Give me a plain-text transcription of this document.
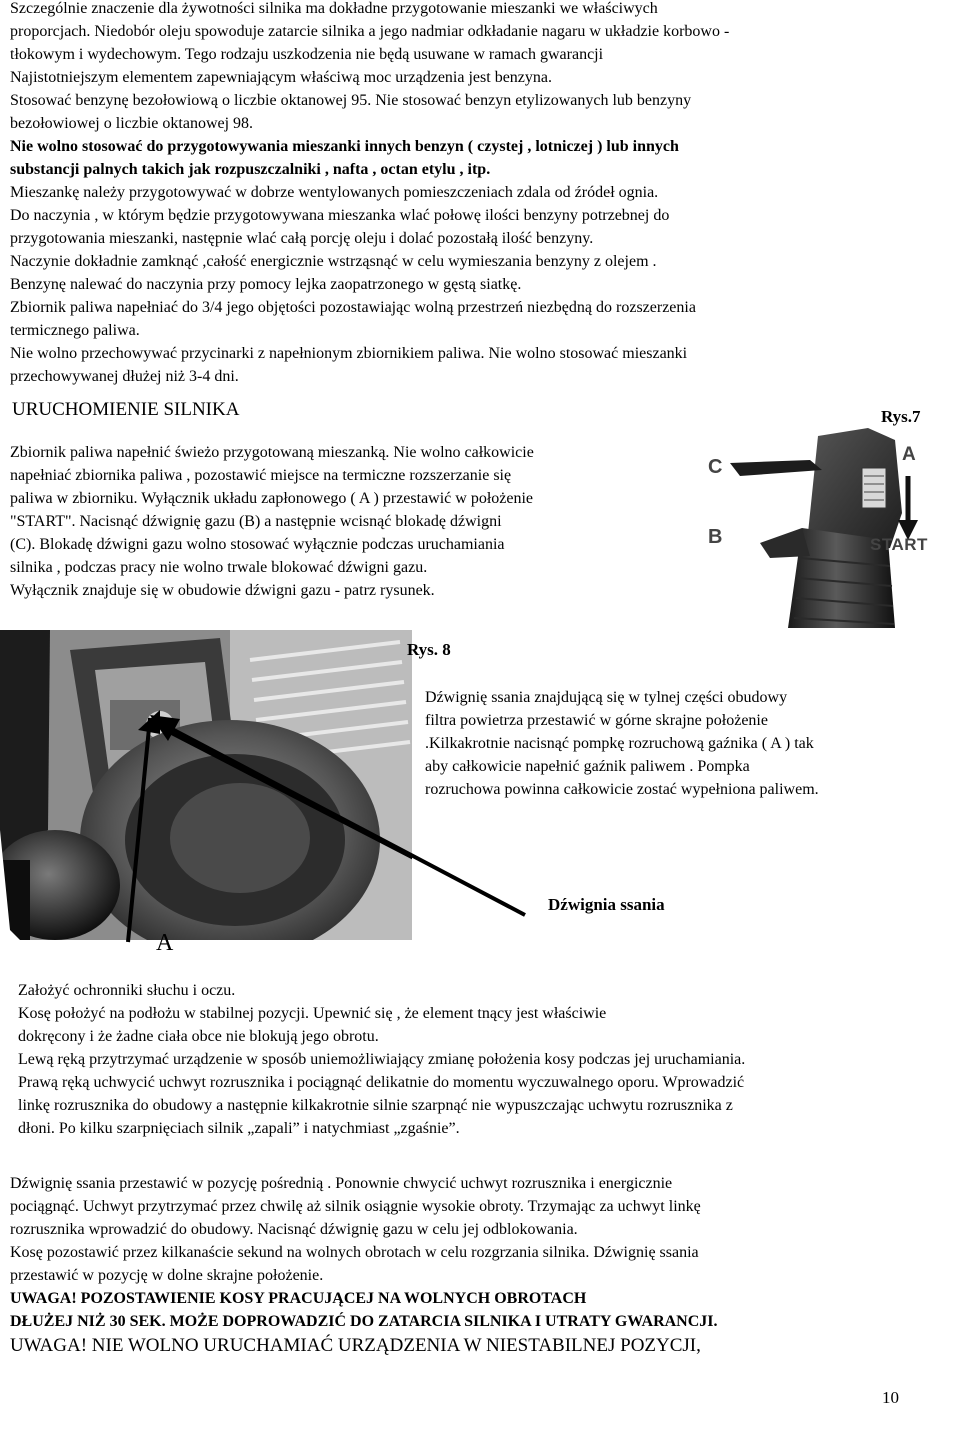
Szczególnie znaczenie dla żywotności silnika ma dokładne przygotowanie mieszanki we właściwych
proporcjach. Niedobór oleju spowoduje zatarcie silnika a jego nadmiar odkładanie nagaru w układzie korbowo -
tłokowym i wydechowym. Tego rodzaju uszkodzenia nie będą usuwane w ramach gwarancji
Najistotniejszym elementem zapewniającym właściwą moc urządzenia jest benzyna.
Stosować benzynę bezołowiową o liczbie oktanowej 95. Nie stosować benzyn etylizowanych lub benzyny
bezołowiowej o liczbie oktanowej 98.
Nie wolno stosować do przygotowywania mieszanki innych benzyn ( czystej , lotniczej ) lub innych
substancji palnych takich jak rozpuszczalniki , nafta , octan etylu , itp.
Mieszankę należy przygotowywać w dobrze wentylowanych pomieszczeniach zdala od źródeł ognia.
Do naczynia , w którym będzie przygotowywana mieszanka wlać połowę ilości benzyny potrzebnej do
przygotowania mieszanki, następnie wlać całą porcję oleju i dolać pozostałą ilość benzyny.
Naczynie dokładnie zamknąć ,całość energicznie wstrząsnąć w celu wymieszania benzyny z olejem .
Benzynę nalewać do naczynia przy pomocy lejka zaopatrzonego w gęstą siatkę.
Zbiornik paliwa napełniać do 3/4 jego objętości pozostawiając wolną przestrzeń niezbędną do rozszerzenia
termicznego paliwa.
Nie wolno przechowywać przycinarki z napełnionym zbiornikiem paliwa. Nie wolno stosować mieszanki
przechowywanej dłużej niż 3-4 dni.
URUCHOMIENIE SILNIKA	Rys.7
Zbiornik paliwa napełnić świeżo przygotowaną mieszanką. Nie wolno całkowicie
napełniać zbiornika paliwa , pozostawić miejsce na termiczne rozszerzanie się
paliwa w zbiorniku. Wyłącznik układu zapłonowego ( A ) przestawić w położenie
"START". Nacisnąć dźwignię gazu (B) a następnie wcisnąć blokadę dźwigni
(C). Blokadę dźwigni gazu wolno stosować wyłącznie podczas uruchamiania
silnika , podczas pracy nie wolno trwale blokować dźwigni gazu.
Wyłącznik znajduje się w obudowie dźwigni gazu - patrz rysunek.
C
A
B	START
Rys. 8
Dźwignię ssania znajdującą się w tylnej części obudowy
filtra powietrza przestawić w górne skrajne położenie
.Kilkakrotnie nacisnąć pompkę rozruchową gaźnika ( A ) tak
aby całkowicie napełnić gaźnik paliwem . Pompka
rozruchowa powinna całkowicie zostać wypełniona paliwem.
Dźwignia ssania
A
Założyć ochronniki słuchu i oczu.
Kosę położyć na podłożu w stabilnej pozycji. Upewnić się , że element tnący jest właściwie
dokręcony i że żadne ciała obce nie blokują jego obrotu.
Lewą ręką przytrzymać urządzenie w sposób uniemożliwiający zmianę położenia kosy podczas jej uruchamiania.
Prawą ręką uchwycić uchwyt rozrusznika i pociągnąć delikatnie do momentu wyczuwalnego oporu. Wprowadzić
linkę rozrusznika do obudowy a następnie kilkakrotnie silnie szarpnąć nie wypuszczając uchwytu rozrusznika z
dłoni. Po kilku szarpnięciach silnik „zapali” i natychmiast „zgaśnie”.
Dźwignię ssania przestawić w pozycję pośrednią . Ponownie chwycić uchwyt rozrusznika i energicznie
pociągnąć. Uchwyt przytrzymać przez chwilę aż silnik osiągnie wysokie obroty. Trzymając za uchwyt linkę
rozrusznika wprowadzić do obudowy. Nacisnąć dźwignię gazu w celu jej odblokowania.
Kosę pozostawić przez kilkanaście sekund na wolnych obrotach w celu rozgrzania silnika. Dźwignię ssania
przestawić w pozycję w dolne skrajne położenie.
UWAGA! POZOSTAWIENIE KOSY PRACUJĄCEJ NA WOLNYCH OBROTACH
DŁUŻEJ NIŻ 30 SEK. MOŻE DOPROWADZIĆ DO ZATARCIA SILNIKA I UTRATY GWARANCJI.
UWAGA! NIE WOLNO URUCHAMIAĆ URZĄDZENIA W NIESTABILNEJ POZYCJI,
10
